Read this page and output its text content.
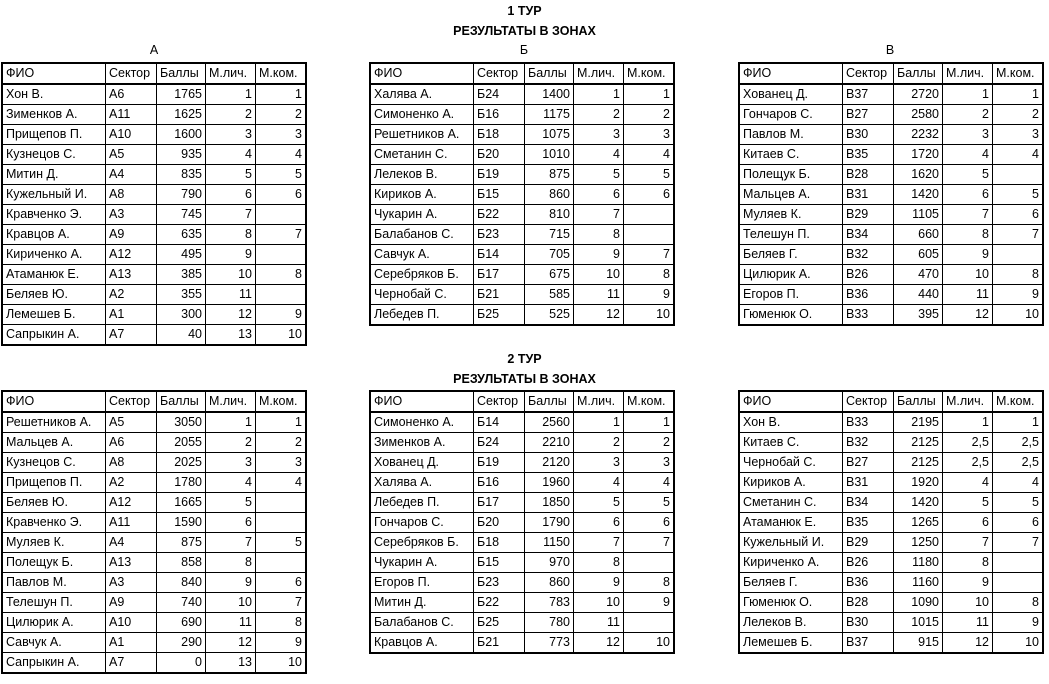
1 ТУР
РЕЗУЛЬТАТЫ В ЗОНАХ
А	Б	В
ФИО	Сектор	Баллы	М.лич.	М.ком.
Хон В.	А6	1765	1	1
Зименков А.	А11	1625	2	2
Прищепов П.	А10	1600	3	3
Кузнецов С.	А5	935	4	4
Митин Д.	А4	835	5	5
Кужельный И.	А8	790	6	6
Кравченко Э.	А3	745	7	
Кравцов А.	А9	635	8	7
Кириченко А.	А12	495	9	
Атаманюк Е.	А13	385	10	8
Беляев Ю.	А2	355	11	
Лемешев Б.	А1	300	12	9
Сапрыкин А.	А7	40	13	10
ФИО	Сектор	Баллы	М.лич.	М.ком.
Халява А.	Б24	1400	1	1
Симоненко А.	Б16	1175	2	2
Решетников А.	Б18	1075	3	3
Сметанин С.	Б20	1010	4	4
Лелеков В.	Б19	875	5	5
Кириков А.	Б15	860	6	6
Чукарин А.	Б22	810	7	
Балабанов С.	Б23	715	8	
Савчук А.	Б14	705	9	7
Серебряков Б.	Б17	675	10	8
Чернобай С.	Б21	585	11	9
Лебедев П.	Б25	525	12	10
ФИО	Сектор	Баллы	М.лич.	М.ком.
Хованец Д.	В37	2720	1	1
Гончаров С.	В27	2580	2	2
Павлов М.	В30	2232	3	3
Китаев С.	В35	1720	4	4
Полещук Б.	В28	1620	5	
Мальцев А.	В31	1420	6	5
Муляев К.	В29	1105	7	6
Телешун П.	В34	660	8	7
Беляев Г.	В32	605	9	
Цилюрик А.	В26	470	10	8
Егоров П.	В36	440	11	9
Гюменюк О.	В33	395	12	10
2 ТУР
РЕЗУЛЬТАТЫ В ЗОНАХ
ФИО	Сектор	Баллы	М.лич.	М.ком.
Решетников А.	А5	3050	1	1
Мальцев А.	А6	2055	2	2
Кузнецов С.	А8	2025	3	3
Прищепов П.	А2	1780	4	4
Беляев Ю.	А12	1665	5	
Кравченко Э.	А11	1590	6	
Муляев К.	А4	875	7	5
Полещук Б.	А13	858	8	
Павлов М.	А3	840	9	6
Телешун П.	А9	740	10	7
Цилюрик А.	А10	690	11	8
Савчук А.	А1	290	12	9
Сапрыкин А.	А7	0	13	10
ФИО	Сектор	Баллы	М.лич.	М.ком.
Симоненко А.	Б14	2560	1	1
Зименков А.	Б24	2210	2	2
Хованец Д.	Б19	2120	3	3
Халява А.	Б16	1960	4	4
Лебедев П.	Б17	1850	5	5
Гончаров С.	Б20	1790	6	6
Серебряков Б.	Б18	1150	7	7
Чукарин А.	Б15	970	8	
Егоров П.	Б23	860	9	8
Митин Д.	Б22	783	10	9
Балабанов С.	Б25	780	11	
Кравцов А.	Б21	773	12	10
ФИО	Сектор	Баллы	М.лич.	М.ком.
Хон В.	В33	2195	1	1
Китаев С.	В32	2125	2,5	2,5
Чернобай С.	В27	2125	2,5	2,5
Кириков А.	В31	1920	4	4
Сметанин С.	В34	1420	5	5
Атаманюк Е.	В35	1265	6	6
Кужельный И.	В29	1250	7	7
Кириченко А.	В26	1180	8	
Беляев Г.	В36	1160	9	
Гюменюк О.	В28	1090	10	8
Лелеков В.	В30	1015	11	9
Лемешев Б.	В37	915	12	10
